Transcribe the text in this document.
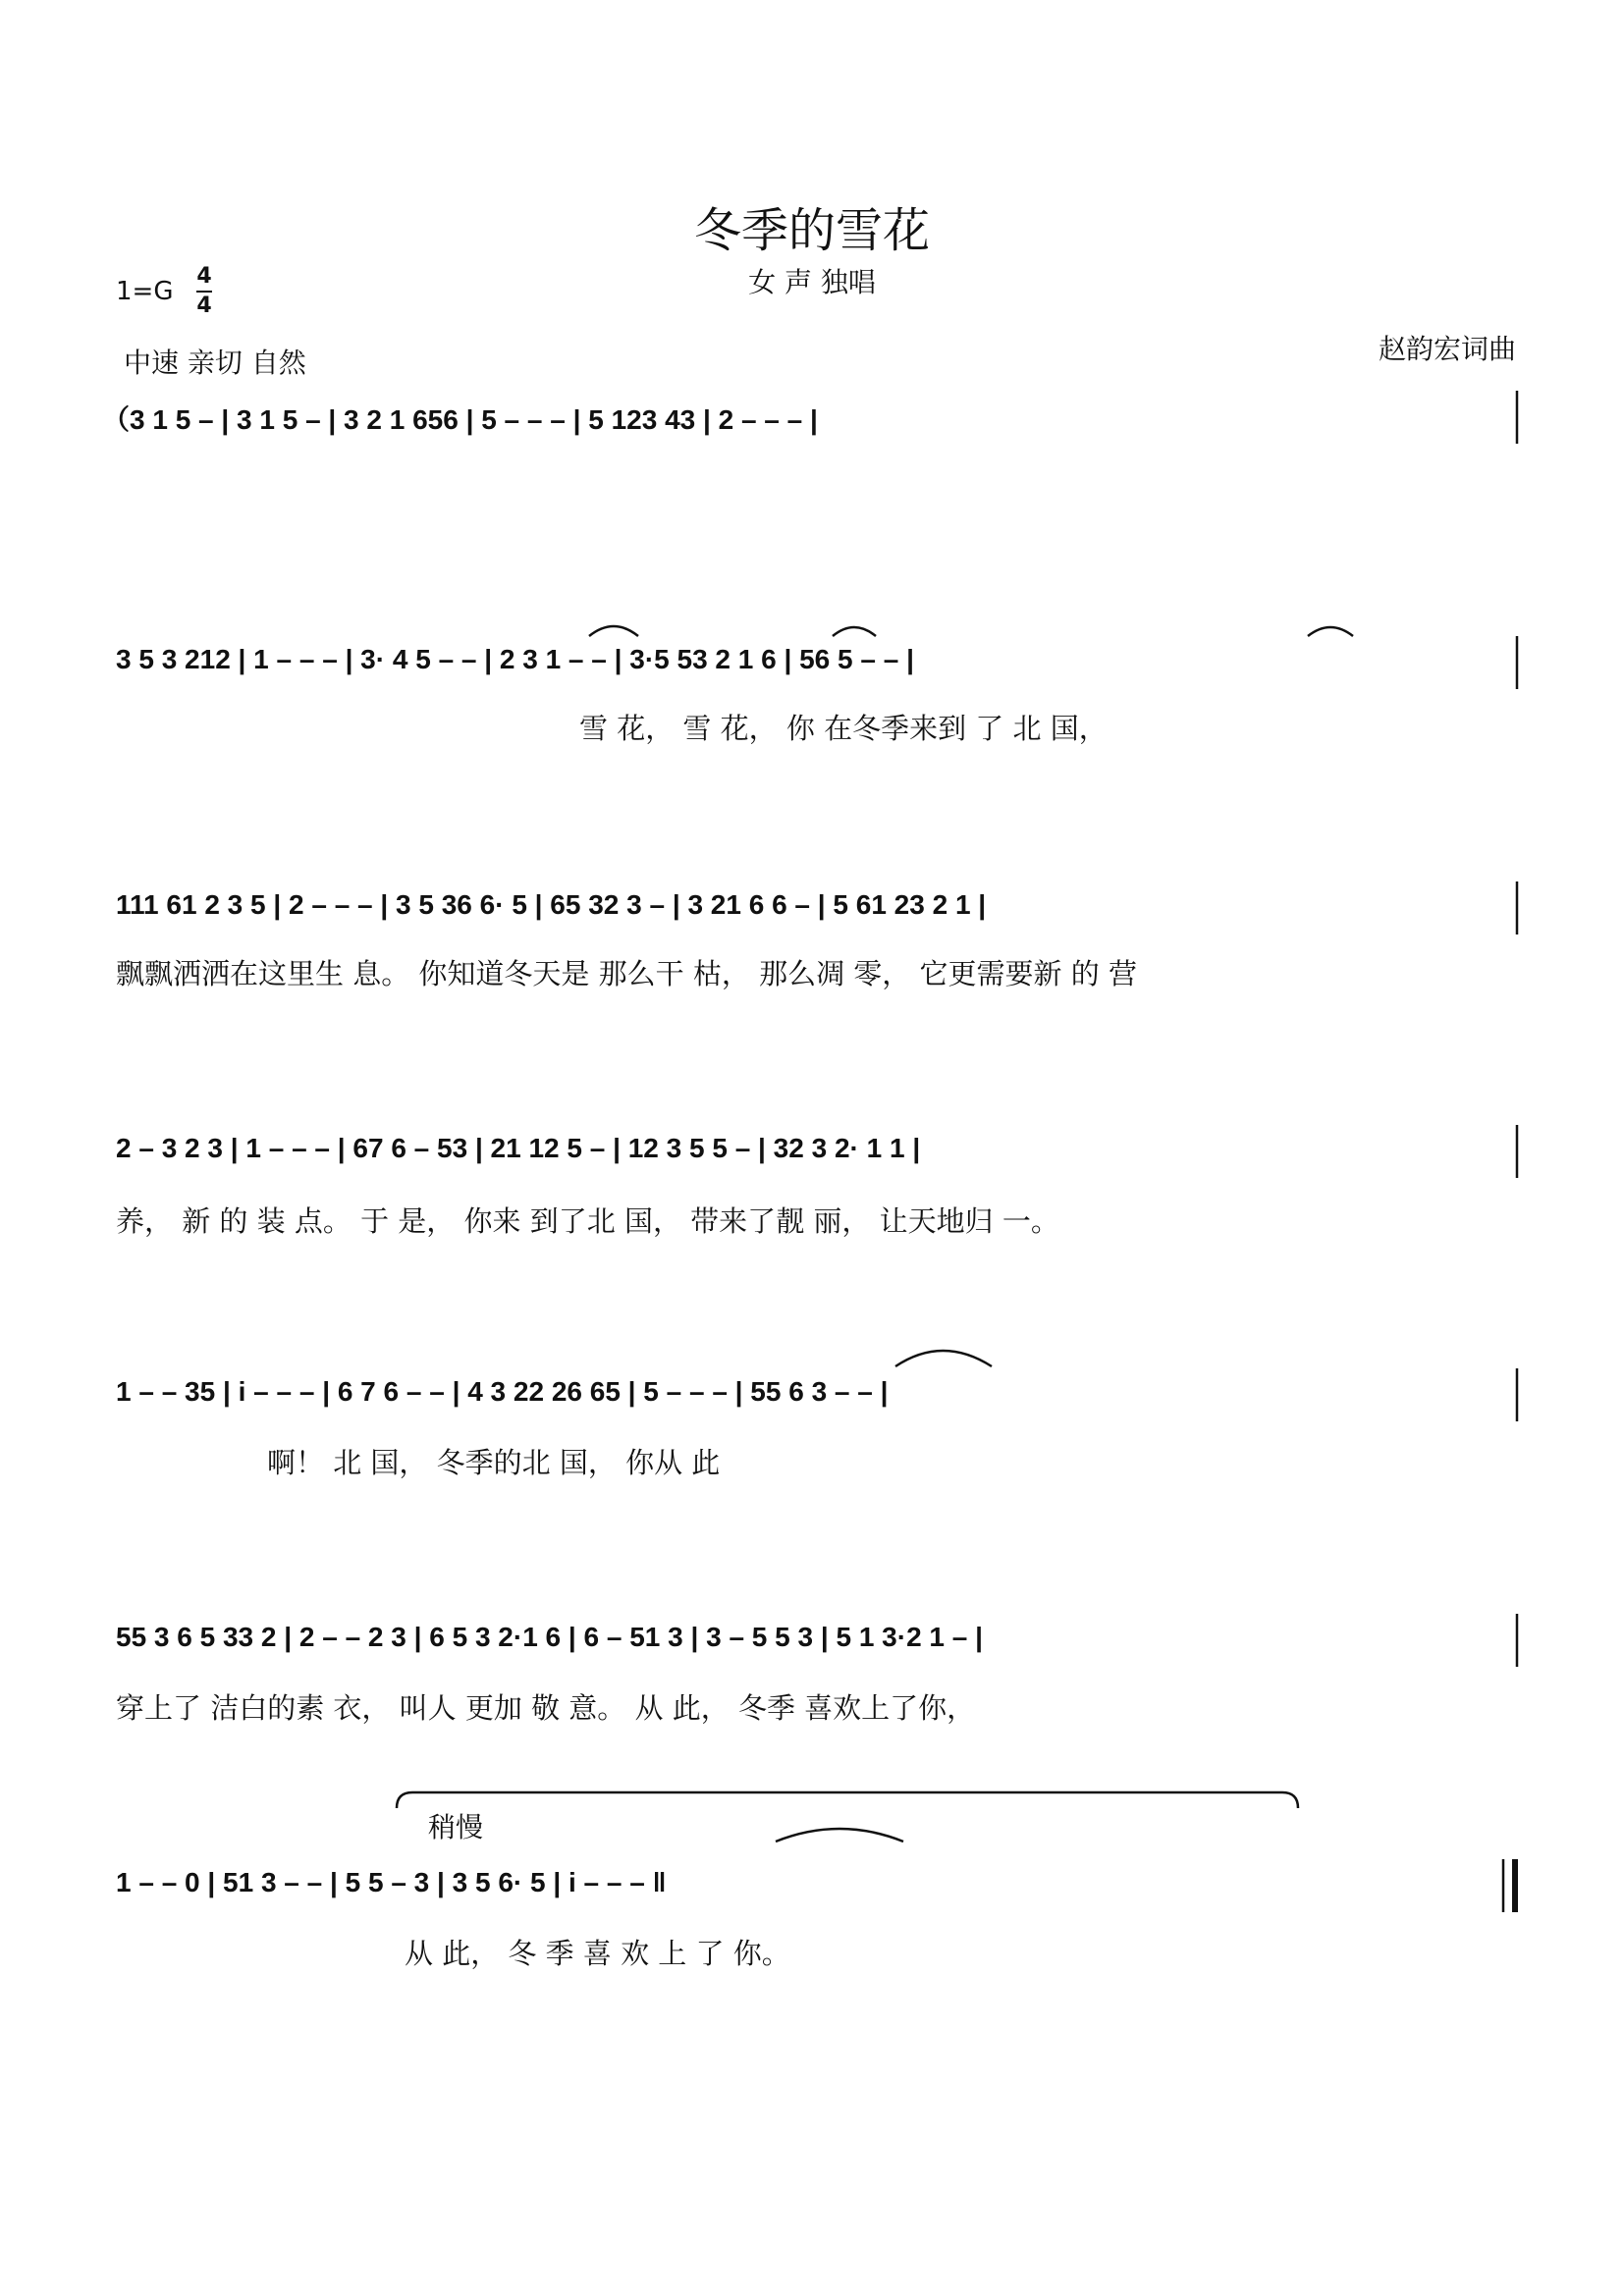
冬季的雪花
女 声 独唱
1=G
4
4
中速 亲切 自然	赵韵宏词曲
（3 1 5 – | 3 1 5 – | 3 2 1 656 | 5 – – – | 5 123 43 | 2 – – – |
3 5 3 212 | 1 – – – | 3· 4 5 – – | 2 3 1 – – | 3·5 53 2 1 6 | 56 5 – – |
雪 花， 雪 花， 你 在冬季来到 了 北 国，
111 61 2 3 5 | 2 – – – | 3 5 36 6· 5 | 65 32 3 – | 3 21 6 6 – | 5 61 23 2 1 |
飘飘洒洒在这里生 息。 你知道冬天是 那么干 枯， 那么凋 零， 它更需要新 的 营
2 – 3 2 3 | 1 – – – | 67 6 – 53 | 21 12 5 – | 12 3 5 5 – | 32 3 2· 1 1 |
养， 新 的 装 点。 于 是， 你来 到了北 国， 带来了靓 丽， 让天地归 一。
1 – – 35 | i – – – | 6 7 6 – – | 4 3 22 26 65 | 5 – – – | 55 6 3 – – |
啊！ 北 国， 冬季的北 国， 你从 此
55 3 6 5 33 2 | 2 – – 2 3 | 6 5 3 2·1 6 | 6 – 51 3 | 3 – 5 5 3 | 5 1 3·2 1 – |
穿上了 洁白的素 衣， 叫人 更加 敬 意。 从 此， 冬季 喜欢上了你，
稍慢
1 – – 0 | 51 3 – – | 5 5 – 3 | 3 5 6· 5 | i – – – ‖
从 此， 冬 季 喜 欢 上 了 你。
